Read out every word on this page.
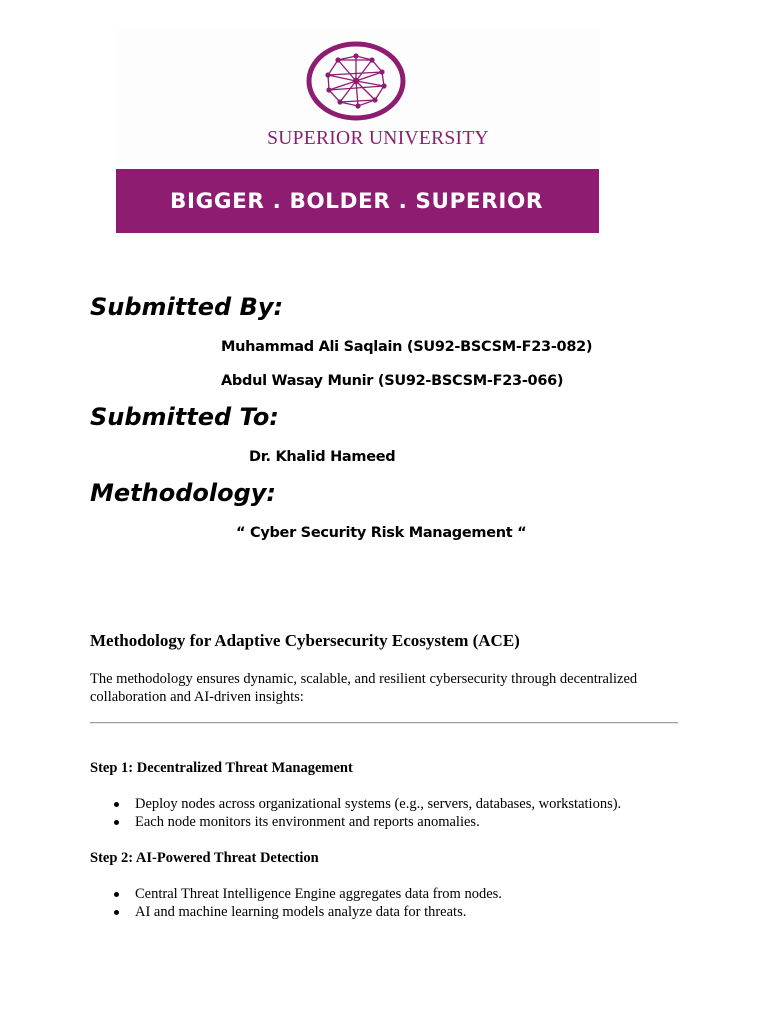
SUPERIOR UNIVERSITY
BIGGER . BOLDER . SUPERIOR
Submitted By:

Muhammad Ali Saqlain (SU92-BSCSM-F23-082)

Abdul Wasay Munir (SU92-BSCSM-F23-066)

Submitted To:

Dr. Khalid Hameed

Methodology:

“ Cyber Security Risk Management “

Methodology for Adaptive Cybersecurity Ecosystem (ACE)

The methodology ensures dynamic, scalable, and resilient cybersecurity through decentralized collaboration and AI-driven insights:

Step 1: Decentralized Threat Management

Deploy nodes across organizational systems (e.g., servers, databases, workstations).
Each node monitors its environment and reports anomalies.

Step 2: AI-Powered Threat Detection

Central Threat Intelligence Engine aggregates data from nodes.
AI and machine learning models analyze data for threats.
